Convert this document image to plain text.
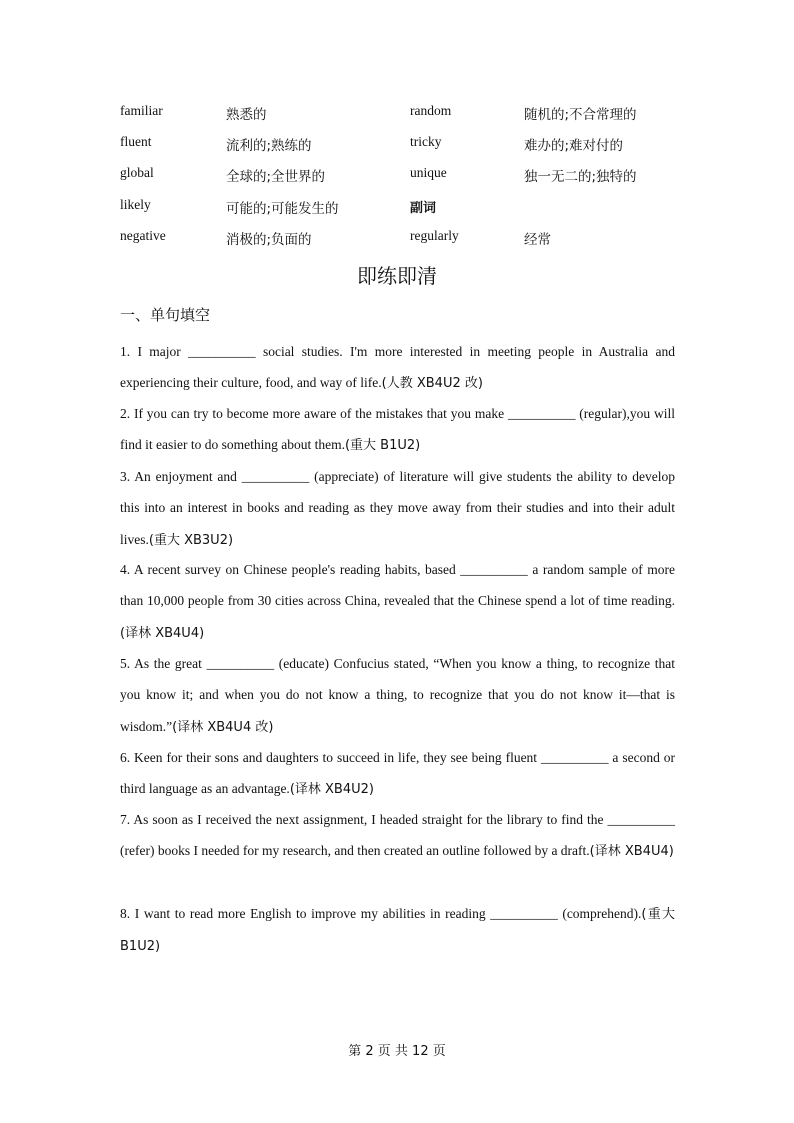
familiar	熟悉的	random	随机的;不合常理的
fluent	流利的;熟练的	tricky	难办的;难对付的
global	全球的;全世界的	unique	独一无二的;独特的
likely	可能的;可能发生的	副词
negative	消极的;负面的	regularly	经常
即练即清
一、单句填空
1. I major __________ social studies. I'm more interested in meeting people in Australia and experiencing their culture, food, and way of life.(人教 XB4U2 改)
2. If you can try to become more aware of the mistakes that you make __________ (regular),you will find it easier to do something about them.(重大 B1U2)
3. An enjoyment and __________ (appreciate) of literature will give students the ability to develop this into an interest in books and reading as they move away from their studies and into their adult lives.(重大 XB3U2)
4. A recent survey on Chinese people's reading habits, based __________ a random sample of more than 10,000 people from 30 cities across China, revealed that the Chinese spend a lot of time reading.(译林 XB4U4)
5. As the great __________ (educate) Confucius stated, “When you know a thing, to recognize that you know it; and when you do not know a thing, to recognize that you do not know it—that is wisdom.”(译林 XB4U4 改)
6. Keen for their sons and daughters to succeed in life, they see being fluent __________ a second or third language as an advantage.(译林 XB4U2)
7. As soon as I received the next assignment, I headed straight for the library to find the __________ (refer) books I needed for my research, and then created an outline followed by a draft.(译林 XB4U4)
8. I want to read more English to improve my abilities in reading __________ (comprehend).(重大 B1U2)
第 2 页 共 12 页
